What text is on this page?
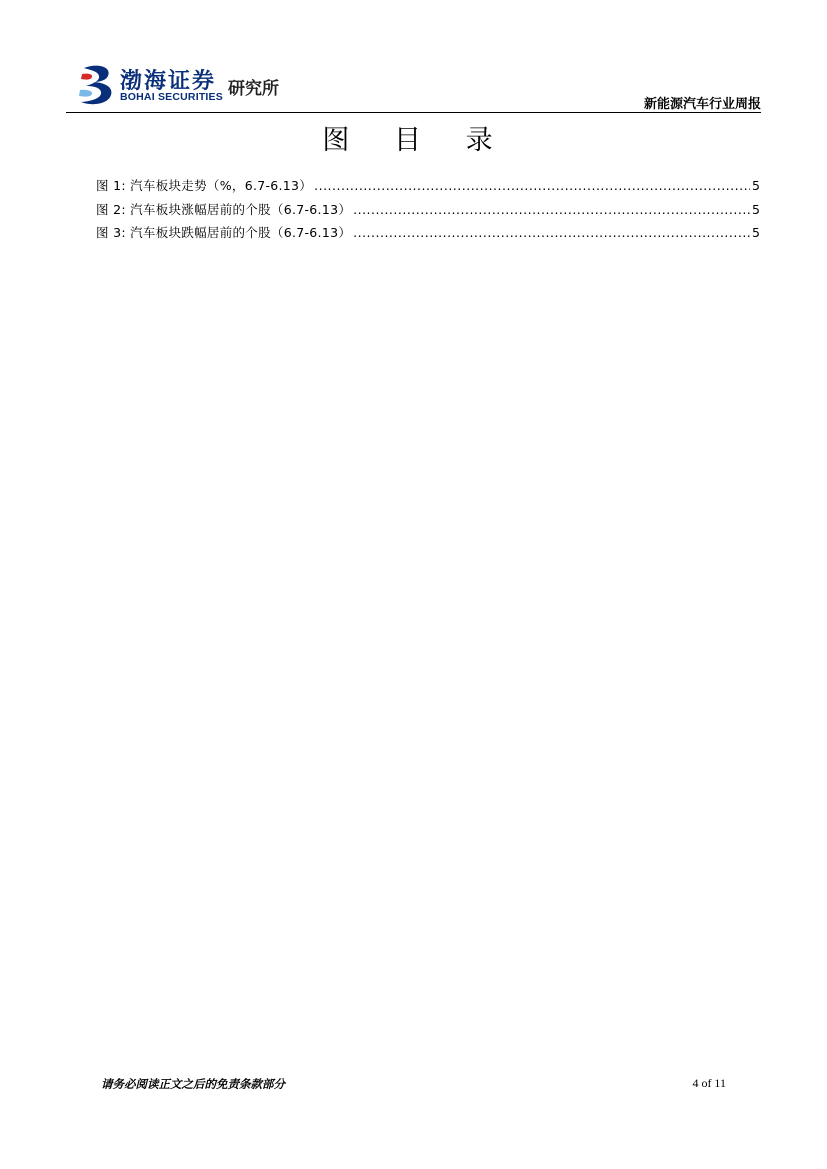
渤海证券
BOHAI SECURITIES 研究所
新能源汽车行业周报
图 目 录
图 1: 汽车板块走势（%，6.7-6.13） .....	5
图 2: 汽车板块涨幅居前的个股（6.7-6.13） .....	5
图 3: 汽车板块跌幅居前的个股（6.7-6.13） .....	5
请务必阅读正文之后的免责条款部分	4 of 11
